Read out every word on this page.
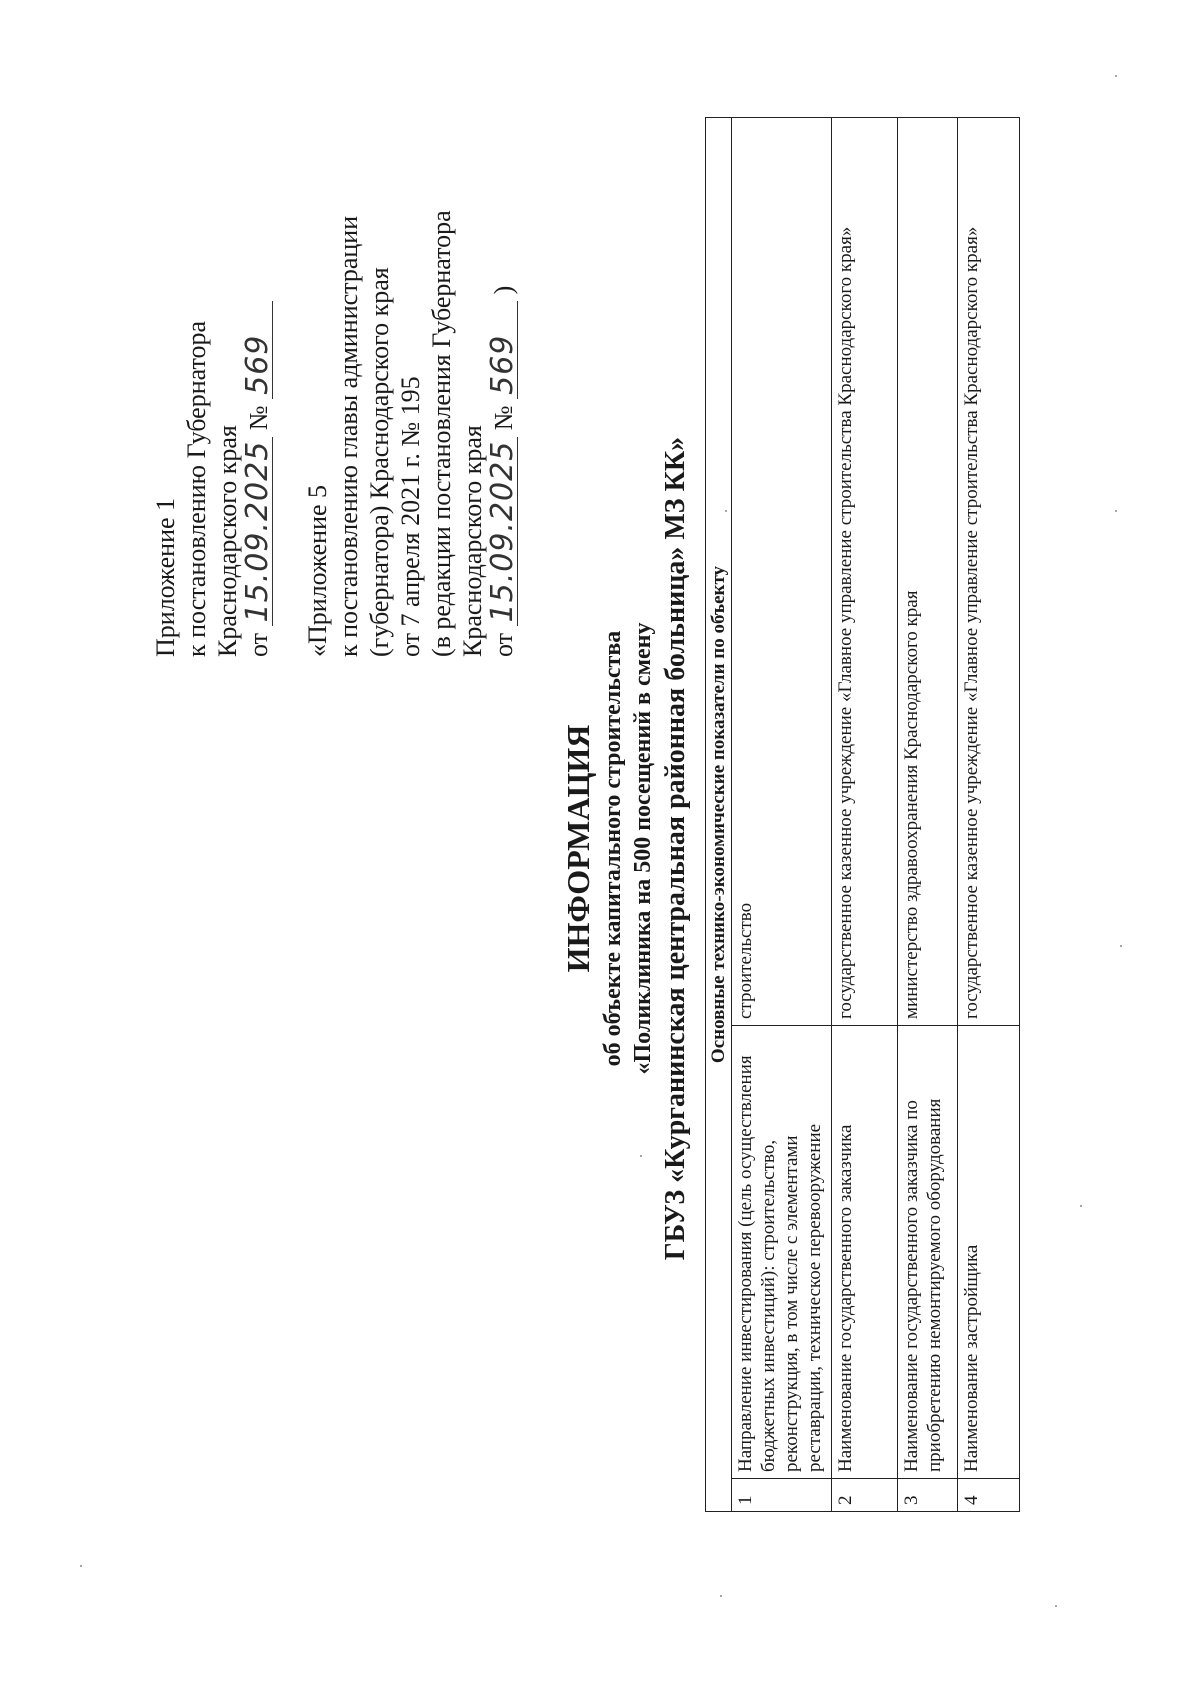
Приложение 1 к постановлению Губернатора Краснодарского края от 15.09.2025 № 569
«Приложение 5 к постановлению главы администрации (губернатора) Краснодарского края от 7 апреля 2021 г. № 195 (в редакции постановления Губернатора Краснодарского края от 15.09.2025 № 569 )
ИНФОРМАЦИЯ об объекте капитального строительства «Поликлиника на 500 посещений в смену ГБУЗ «Курганинская центральная районная больница» МЗ КК» Основные технико-экономические показатели по объекту		
1	Направление инвестирования (цель осуществления бюджетных инвестиций): строительство, реконструкция, в том числе с элементами реставрации, техническое перевооружение	строительство
2	Наименование государственного заказчика	государственное казенное учреждение «Главное управление строительства Краснодарского края»
3	Наименование государственного заказчика по приобретению немонтируемого оборудования	министерство здравоохранения Краснодарского края
4	Наименование застройщика	государственное казенное учреждение «Главное управление строительства Краснодарского края»
